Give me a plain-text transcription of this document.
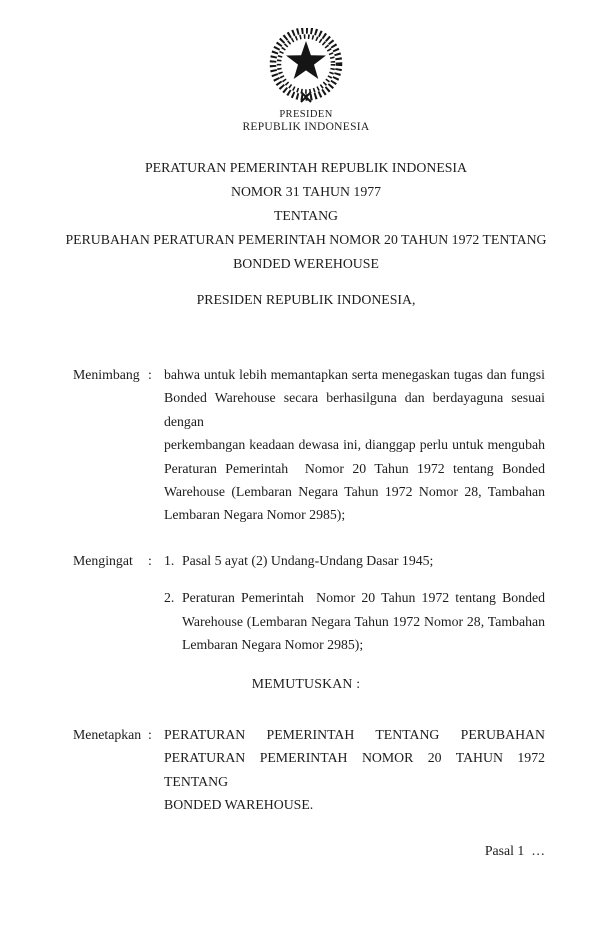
PRESIDEN
REPUBLIK INDONESIA
PERATURAN PEMERINTAH REPUBLIK INDONESIA
NOMOR 31 TAHUN 1977
TENTANG
PERUBAHAN PERATURAN PEMERINTAH NOMOR 20 TAHUN 1972 TENTANG
BONDED WEREHOUSE
PRESIDEN REPUBLIK INDONESIA,
Menimbang : bahwa untuk lebih memantapkan serta menegaskan tugas dan fungsi
Bonded Warehouse secara berhasilguna dan berdayaguna sesuai dengan
perkembangan keadaan dewasa ini, dianggap perlu untuk mengubah
Peraturan Pemerintah  Nomor 20 Tahun 1972 tentang Bonded
Warehouse (Lembaran Negara Tahun 1972 Nomor 28, Tambahan
Lembaran Negara Nomor 2985);
Mengingat	: 1. Pasal 5 ayat (2) Undang-Undang Dasar 1945;
2. Peraturan Pemerintah  Nomor 20 Tahun 1972 tentang Bonded
Warehouse (Lembaran Negara Tahun 1972 Nomor 28, Tambahan
Lembaran Negara Nomor 2985);
MEMUTUSKAN :
Menetapkan : PERATURAN PEMERINTAH TENTANG PERUBAHAN
PERATURAN PEMERINTAH NOMOR 20 TAHUN 1972 TENTANG
BONDED WAREHOUSE.
Pasal 1  …
